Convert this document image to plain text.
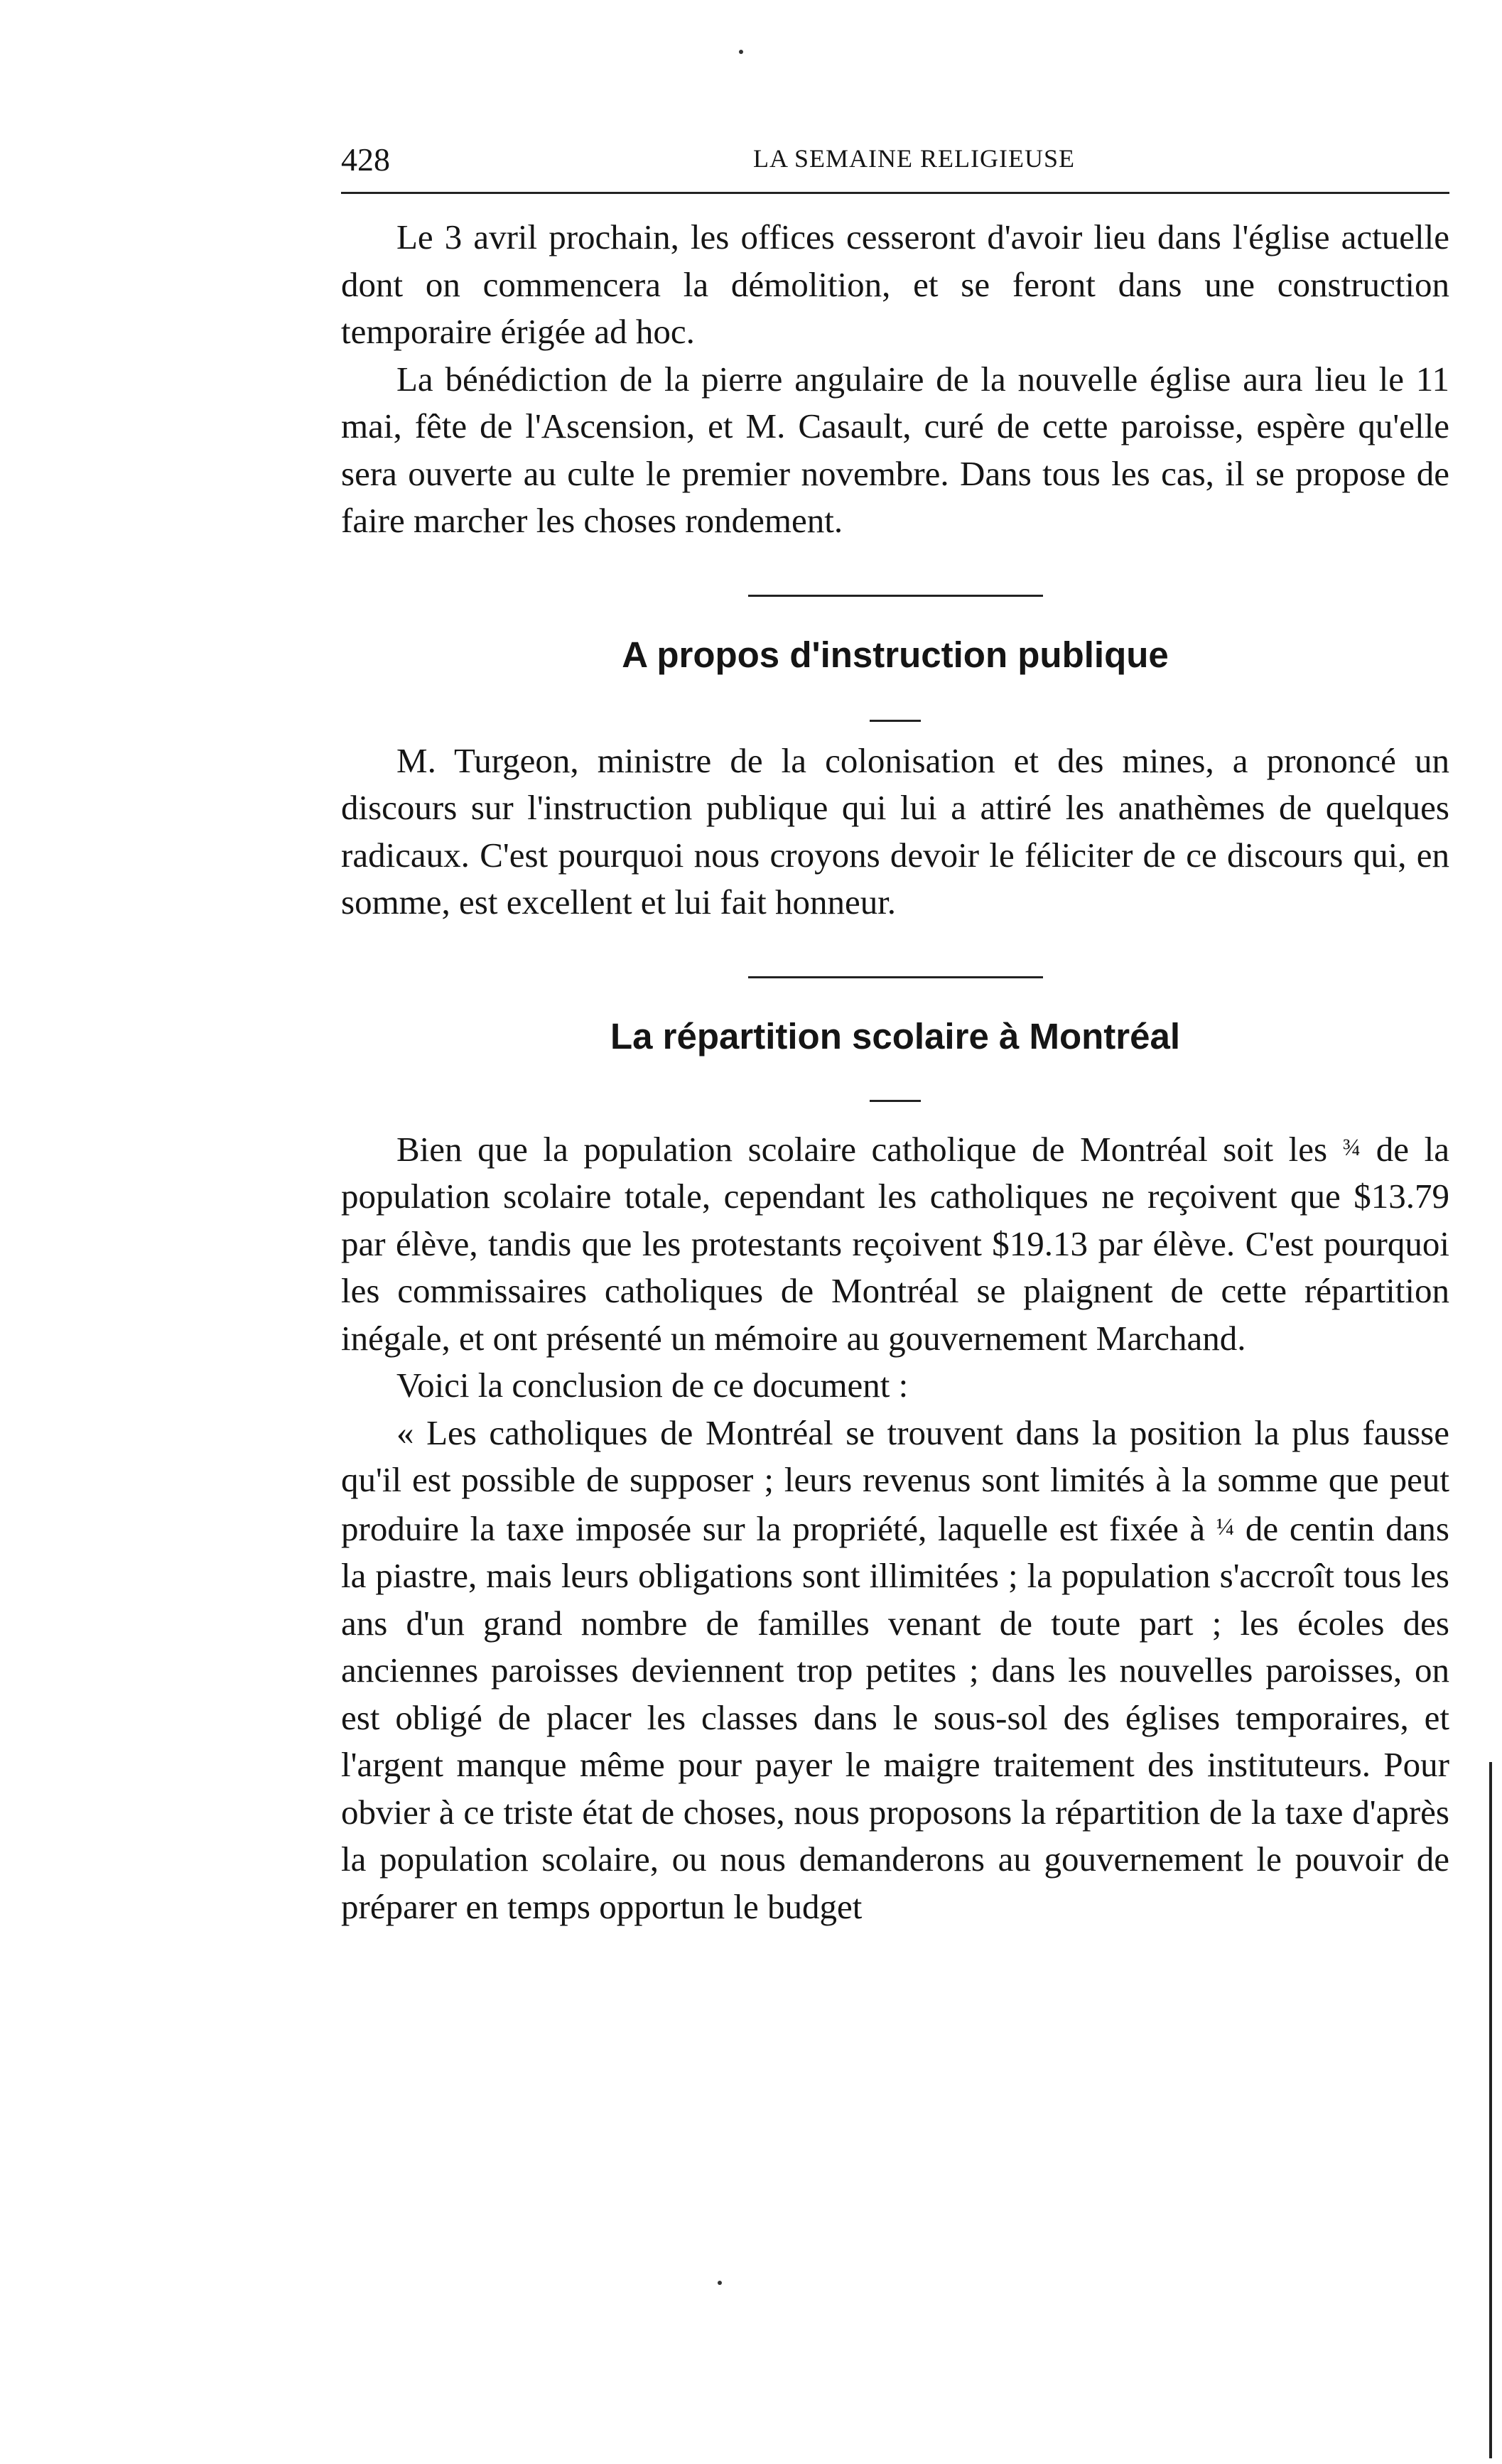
428	LA SEMAINE RELIGIEUSE

Le 3 avril prochain, les offices cesseront d'avoir lieu dans l'église actuelle dont on commencera la démolition, et se feront dans une construction temporaire érigée ad hoc.

La bénédiction de la pierre angulaire de la nouvelle église aura lieu le 11 mai, fête de l'Ascension, et M. Casault, curé de cette paroisse, espère qu'elle sera ouverte au culte le premier novembre. Dans tous les cas, il se propose de faire marcher les choses rondement.

A propos d'instruction publique

M. Turgeon, ministre de la colonisation et des mines, a prononcé un discours sur l'instruction publique qui lui a attiré les anathèmes de quelques radicaux. C'est pourquoi nous croyons devoir le féliciter de ce discours qui, en somme, est excellent et lui fait honneur.

La répartition scolaire à Montréal

Bien que la population scolaire catholique de Montréal soit les ¾ de la population scolaire totale, cependant les catholiques ne reçoivent que $13.79 par élève, tandis que les protestants reçoivent $19.13 par élève. C'est pourquoi les commissaires catholiques de Montréal se plaignent de cette répartition inégale, et ont présenté un mémoire au gouvernement Marchand.

Voici la conclusion de ce document :

« Les catholiques de Montréal se trouvent dans la position la plus fausse qu'il est possible de supposer ; leurs revenus sont limités à la somme que peut produire la taxe imposée sur la propriété, laquelle est fixée à ¼ de centin dans la piastre, mais leurs obligations sont illimitées ; la population s'accroît tous les ans d'un grand nombre de familles venant de toute part ; les écoles des anciennes paroisses deviennent trop petites ; dans les nouvelles paroisses, on est obligé de placer les classes dans le sous-sol des églises temporaires, et l'argent manque même pour payer le maigre traitement des instituteurs. Pour obvier à ce triste état de choses, nous proposons la répartition de la taxe d'après la population scolaire, ou nous demanderons au gouvernement le pouvoir de préparer en temps opportun le budget
